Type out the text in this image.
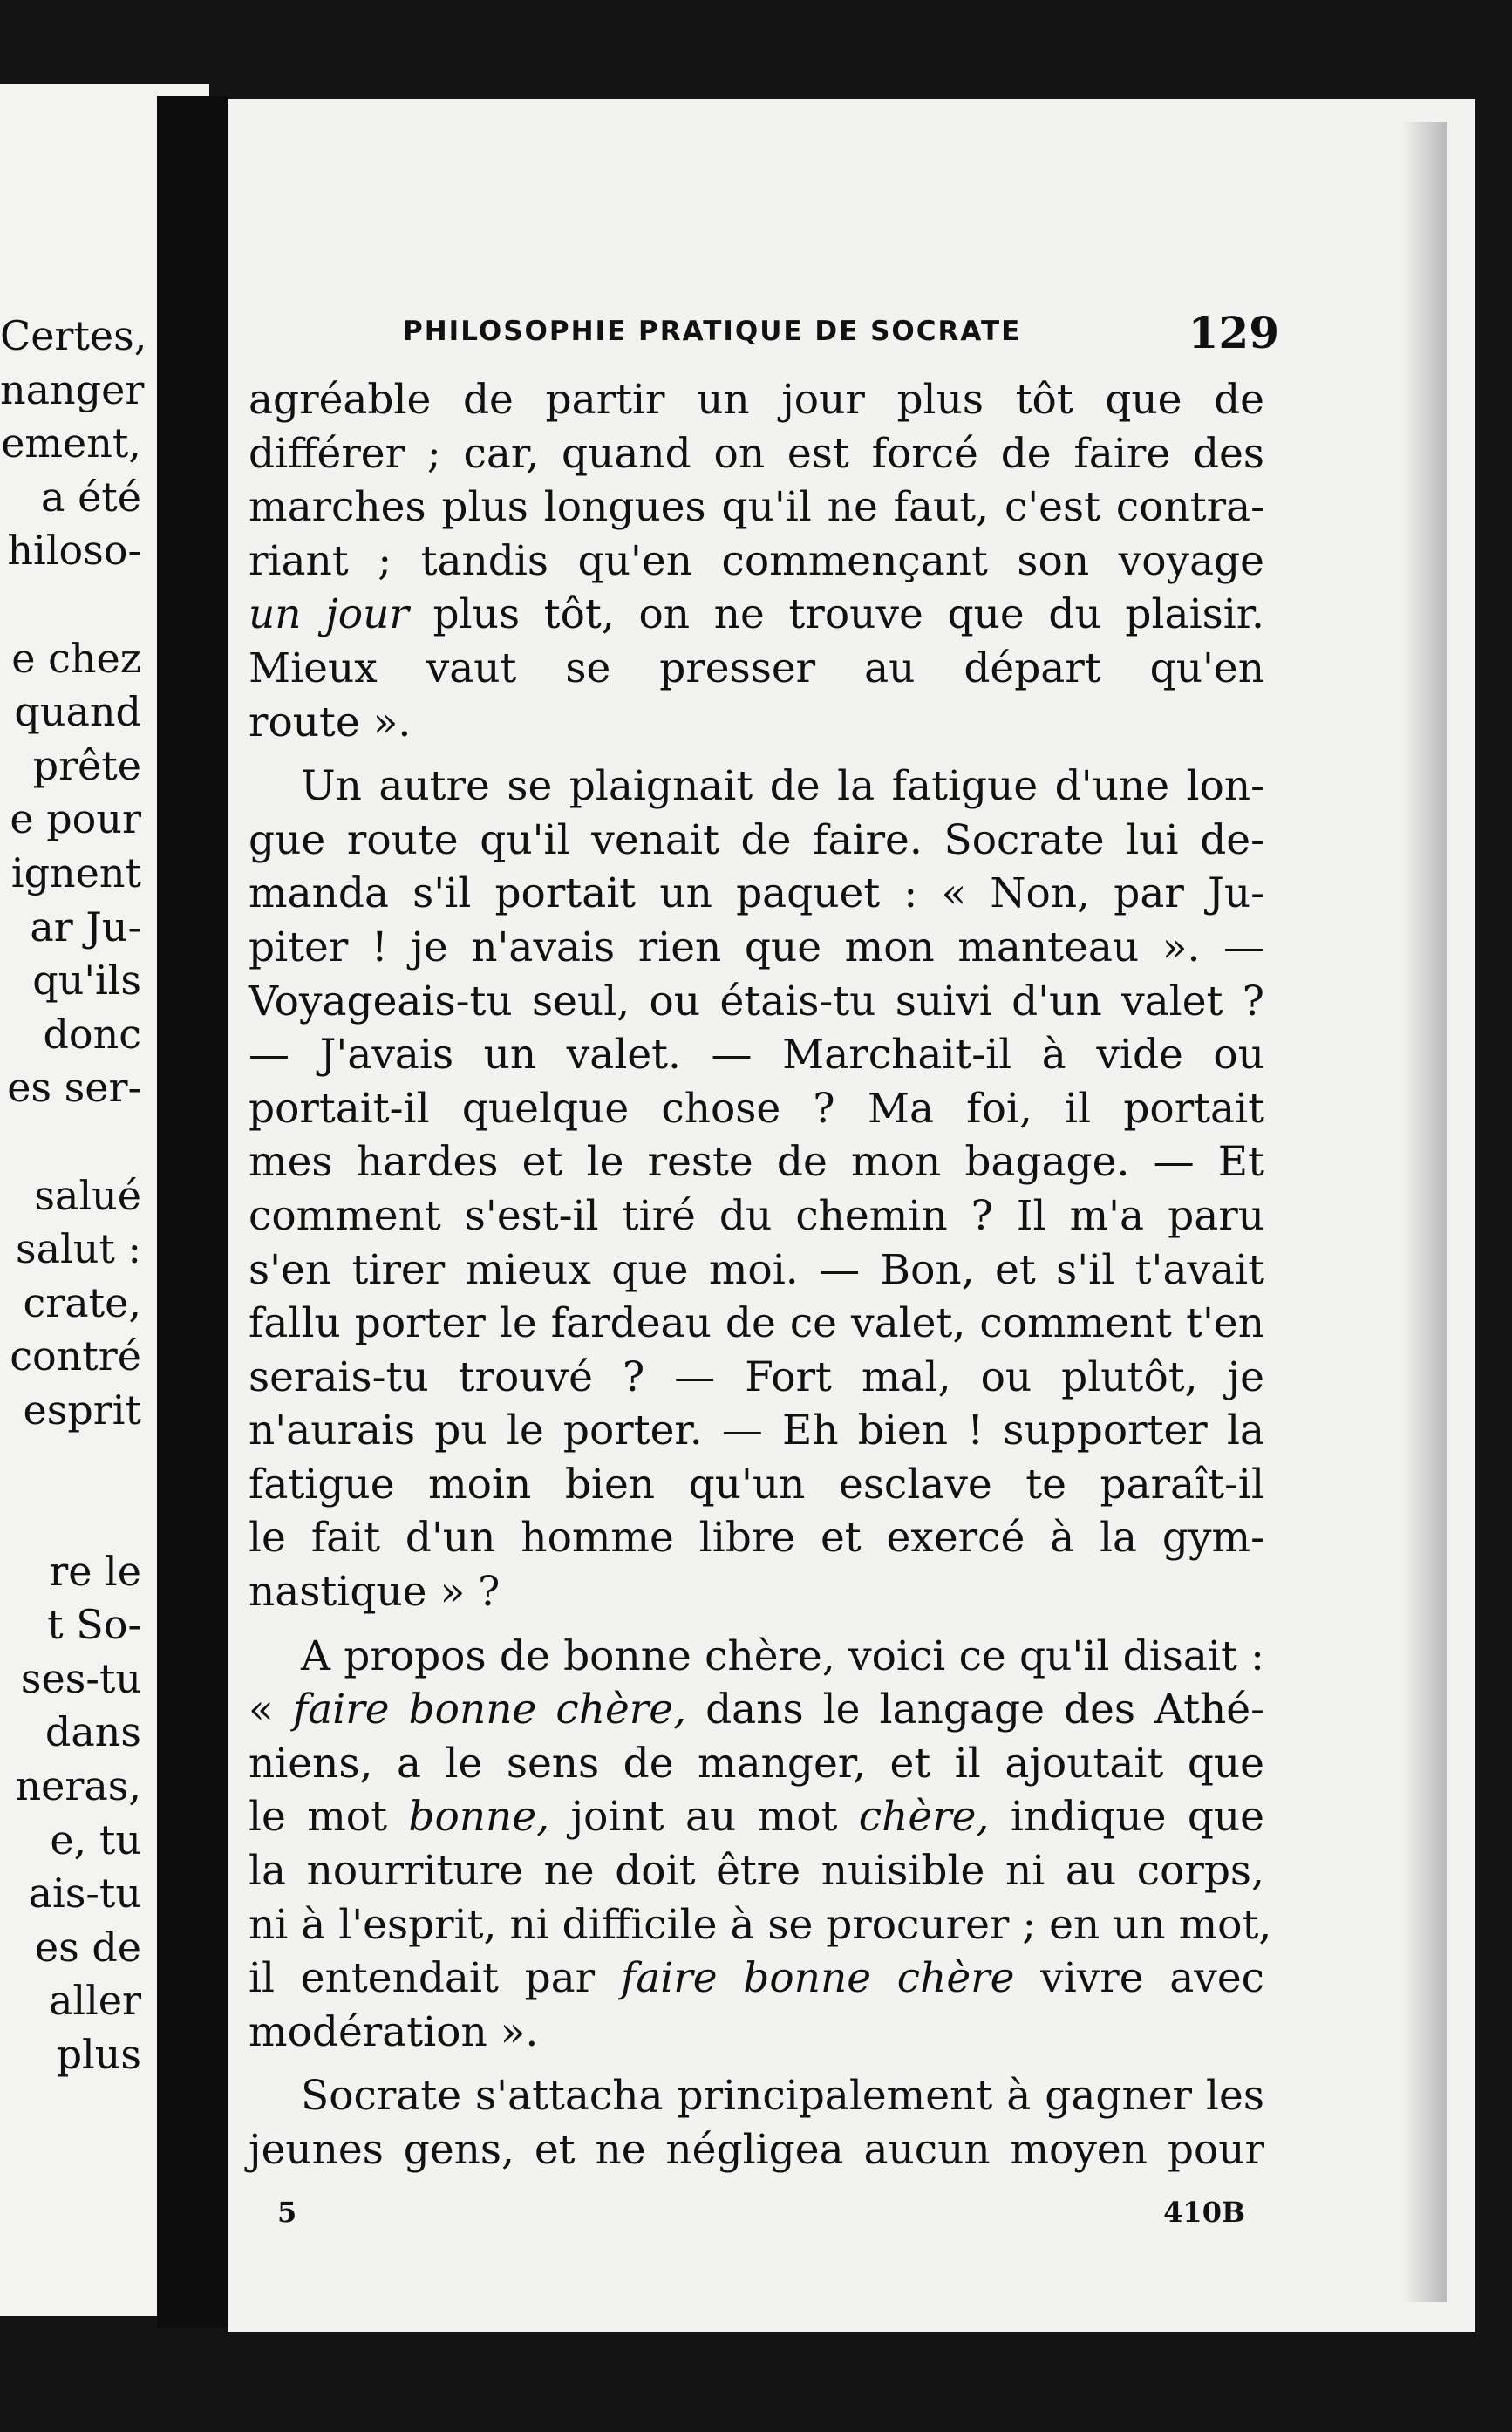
Certes,
nanger
ement,
a été
hiloso-
e chez
quand
prête
e pour
ignent
ar Ju-
qu'ils
donc
es ser-
salué
salut :
crate,
contré
esprit
re le
t So-
ses-tu
dans
neras,
e, tu
ais-tu
es de
aller
plus
PHILOSOPHIE PRATIQUE DE SOCRATE	129
agréable de partir un jour plus tôt que de
différer ; car, quand on est forcé de faire des
marches plus longues qu'il ne faut, c'est contra-
riant ; tandis qu'en commençant son voyage
un jour plus tôt, on ne trouve que du plaisir.
Mieux vaut se presser au départ qu'en
route ».
Un autre se plaignait de la fatigue d'une lon-
gue route qu'il venait de faire. Socrate lui de-
manda s'il portait un paquet : « Non, par Ju-
piter ! je n'avais rien que mon manteau ». —
Voyageais-tu seul, ou étais-tu suivi d'un valet ?
— J'avais un valet. — Marchait-il à vide ou
portait-il quelque chose ? Ma foi, il portait
mes hardes et le reste de mon bagage. — Et
comment s'est-il tiré du chemin ? Il m'a paru
s'en tirer mieux que moi. — Bon, et s'il t'avait
fallu porter le fardeau de ce valet, comment t'en
serais-tu trouvé ? — Fort mal, ou plutôt, je
n'aurais pu le porter. — Eh bien ! supporter la
fatigue moin bien qu'un esclave te paraît-il
le fait d'un homme libre et exercé à la gym-
nastique » ?
A propos de bonne chère, voici ce qu'il disait :
« faire bonne chère, dans le langage des Athé-
niens, a le sens de manger, et il ajoutait que
le mot bonne, joint au mot chère, indique que
la nourriture ne doit être nuisible ni au corps,
ni à l'esprit, ni difficile à se procurer ; en un mot,
il entendait par faire bonne chère vivre avec
modération ».
Socrate s'attacha principalement à gagner les
jeunes gens, et ne négligea aucun moyen pour
5	410B
